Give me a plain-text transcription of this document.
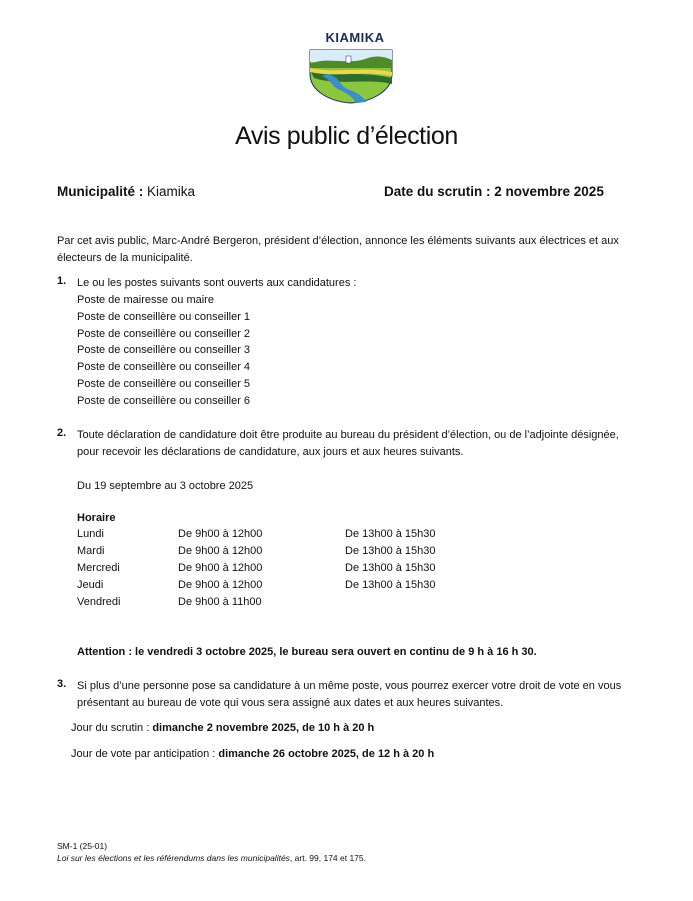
KIAMIKA
Avis public d’élection
Municipalité : Kiamika	Date du scrutin : 2 novembre 2025
Par cet avis public, Marc-André Bergeron, président d’élection, annonce les éléments suivants aux électrices et aux électeurs de la municipalité.
1. Le ou les postes suivants sont ouverts aux candidatures :
Poste de mairesse ou maire
Poste de conseillère ou conseiller 1
Poste de conseillère ou conseiller 2
Poste de conseillère ou conseiller 3
Poste de conseillère ou conseiller 4
Poste de conseillère ou conseiller 5
Poste de conseillère ou conseiller 6
2. Toute déclaration de candidature doit être produite au bureau du président d’élection, ou de l’adjointe désignée, pour recevoir les déclarations de candidature, aux jours et aux heures suivants.
Du 19 septembre au 3 octobre 2025
Horaire
Lundi	De 9h00 à 12h00	De 13h00 à 15h30
Mardi	De 9h00 à 12h00	De 13h00 à 15h30
Mercredi	De 9h00 à 12h00	De 13h00 à 15h30
Jeudi	De 9h00 à 12h00	De 13h00 à 15h30
Vendredi	De 9h00 à 11h00
Attention : le vendredi 3 octobre 2025, le bureau sera ouvert en continu de 9 h à 16 h 30.
3. Si plus d’une personne pose sa candidature à un même poste, vous pourrez exercer votre droit de vote en vous présentant au bureau de vote qui vous sera assigné aux dates et aux heures suivantes.
Jour du scrutin : dimanche 2 novembre 2025, de 10 h à 20 h
Jour de vote par anticipation : dimanche 26 octobre 2025, de 12 h à 20 h
SM-1 (25-01)
Loi sur les élections et les référendums dans les municipalités, art. 99, 174 et 175.
